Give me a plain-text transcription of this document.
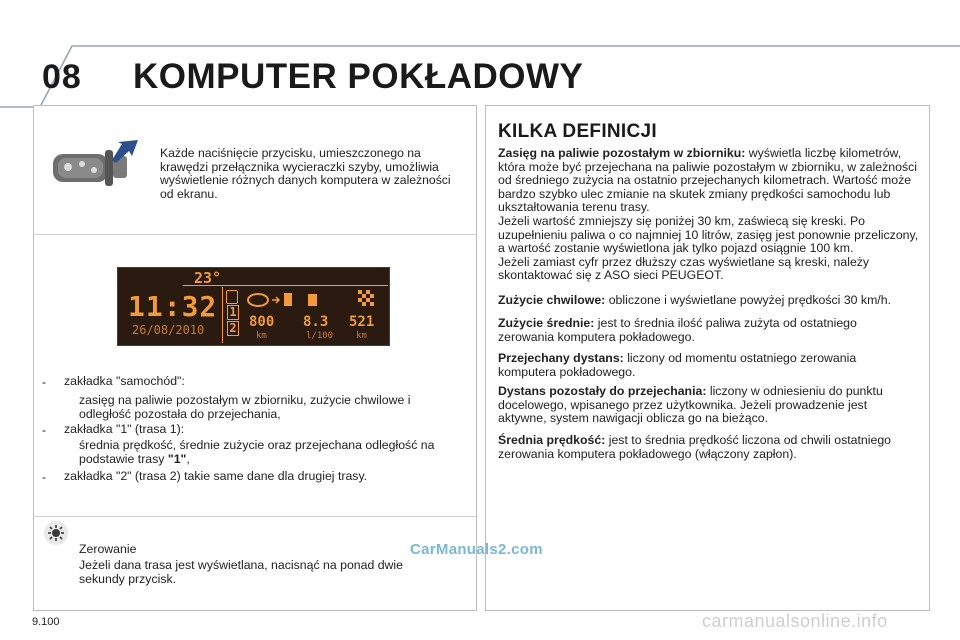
08 KOMPUTER POKŁADOWY
Każde naciśnięcie przycisku, umieszczonego na krawędzi przełącznika wycieraczki szyby, umożliwia wyświetlenie różnych danych komputera w zależności od ekranu.
23°
11:32
26/08/2010
1
2 800 8.3 521
km	l/100	km
- zakładka "samochód":
zasięg na paliwie pozostałym w zbiorniku, zużycie chwilowe i odległość pozostała do przejechania,
- zakładka "1" (trasa 1):
średnia prędkość, średnie zużycie oraz przejechana odległość na podstawie trasy "1",
- zakładka "2" (trasa 2) takie same dane dla drugiej trasy.
Zerowanie
Jeżeli dana trasa jest wyświetlana, nacisnąć na ponad dwie sekundy przycisk.
KILKA DEFINICJI
Zasięg na paliwie pozostałym w zbiorniku: wyświetla liczbę kilometrów, która może być przejechana na paliwie pozostałym w zbiorniku, w zależności od średniego zużycia na ostatnio przejechanych kilometrach. Wartość może bardzo szybko ulec zmianie na skutek zmiany prędkości samochodu lub ukształtowania terenu trasy.
Jeżeli wartość zmniejszy się poniżej 30 km, zaświecą się kreski. Po uzupełnieniu paliwa o co najmniej 10 litrów, zasięg jest ponownie przeliczony, a wartość zostanie wyświetlona jak tylko pojazd osiągnie 100 km.
Jeżeli zamiast cyfr przez dłuższy czas wyświetlane są kreski, należy skontaktować się z ASO sieci PEUGEOT.
Zużycie chwilowe: obliczone i wyświetlane powyżej prędkości 30 km/h.
Zużycie średnie: jest to średnia ilość paliwa zużyta od ostatniego zerowania komputera pokładowego.
Przejechany dystans: liczony od momentu ostatniego zerowania komputera pokładowego.
Dystans pozostały do przejechania: liczony w odniesieniu do punktu docelowego, wpisanego przez użytkownika. Jeżeli prowadzenie jest aktywne, system nawigacji oblicza go na bieżąco.
Średnia prędkość: jest to średnia prędkość liczona od chwili ostatniego zerowania komputera pokładowego (włączony zapłon).
9.100
CarManuals2.com
carmanualsonline.info
